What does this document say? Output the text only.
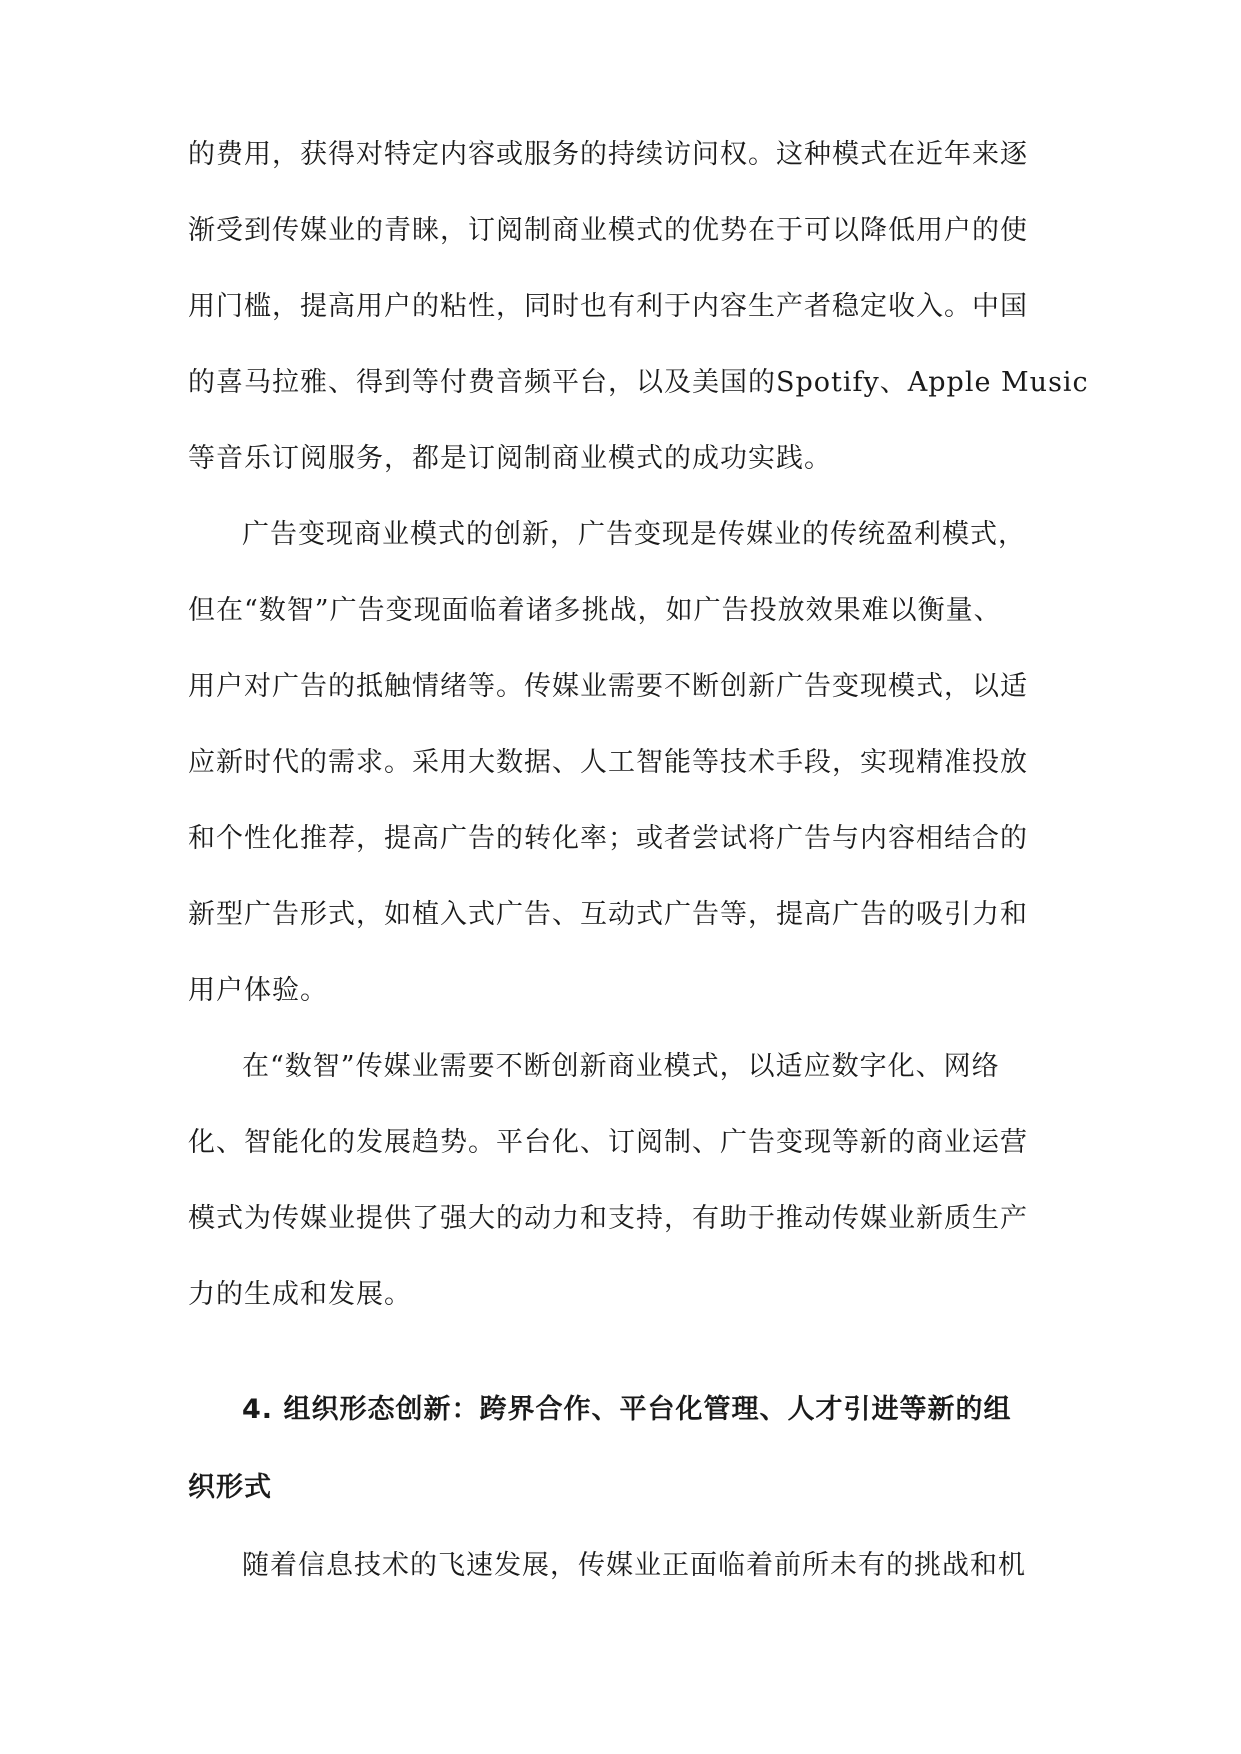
的费用，获得对特定内容或服务的持续访问权。这种模式在近年来逐
渐受到传媒业的青睐，订阅制商业模式的优势在于可以降低用户的使
用门槛，提高用户的粘性，同时也有利于内容生产者稳定收入。中国
的喜马拉雅、得到等付费音频平台，以及美国的Spotify、Apple Music
等音乐订阅服务，都是订阅制商业模式的成功实践。
广告变现商业模式的创新，广告变现是传媒业的传统盈利模式，
但在“数智”广告变现面临着诸多挑战，如广告投放效果难以衡量、
用户对广告的抵触情绪等。传媒业需要不断创新广告变现模式，以适
应新时代的需求。采用大数据、人工智能等技术手段，实现精准投放
和个性化推荐，提高广告的转化率；或者尝试将广告与内容相结合的
新型广告形式，如植入式广告、互动式广告等，提高广告的吸引力和
用户体验。
在“数智”传媒业需要不断创新商业模式，以适应数字化、网络
化、智能化的发展趋势。平台化、订阅制、广告变现等新的商业运营
模式为传媒业提供了强大的动力和支持，有助于推动传媒业新质生产
力的生成和发展。
4. 组织形态创新：跨界合作、平台化管理、人才引进等新的组
织形式
随着信息技术的飞速发展，传媒业正面临着前所未有的挑战和机
